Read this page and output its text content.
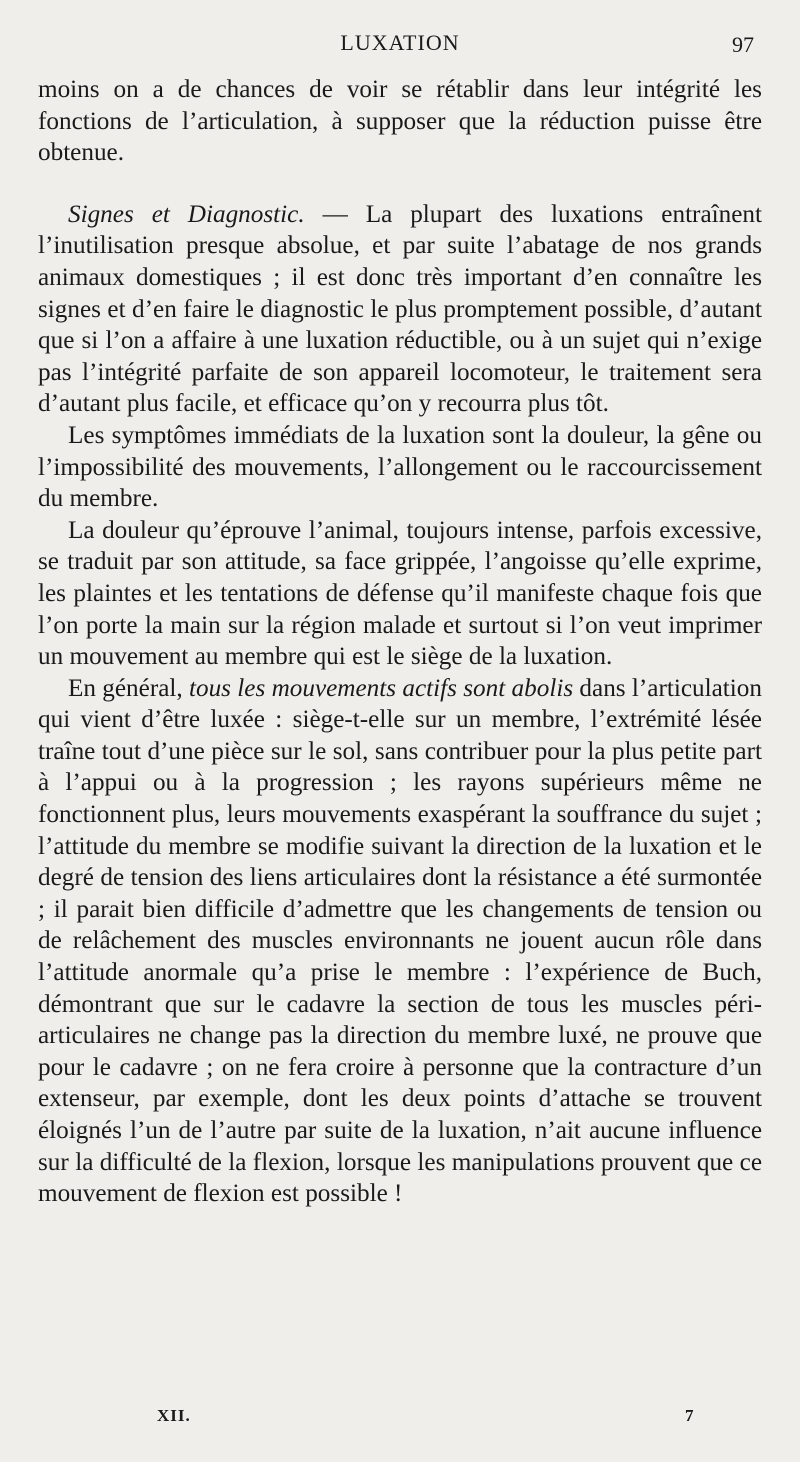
LUXATION	97

moins on a de chances de voir se rétablir dans leur intégrité les fonctions de l’articulation, à supposer que la réduction puisse être obtenue.

Signes et Diagnostic. — La plupart des luxations entraînent l’inutilisation presque absolue, et par suite l’abatage de nos grands animaux domestiques ; il est donc très important d’en connaître les signes et d’en faire le diagnostic le plus promptement possible, d’autant que si l’on a affaire à une luxation réductible, ou à un sujet qui n’exige pas l’intégrité parfaite de son appareil locomoteur, le traitement sera d’autant plus facile, et efficace qu’on y recourra plus tôt.

Les symptômes immédiats de la luxation sont la douleur, la gêne ou l’impossibilité des mouvements, l’allongement ou le raccourcissement du membre.

La douleur qu’éprouve l’animal, toujours intense, parfois excessive, se traduit par son attitude, sa face grippée, l’angoisse qu’elle exprime, les plaintes et les tentations de défense qu’il manifeste chaque fois que l’on porte la main sur la région malade et surtout si l’on veut imprimer un mouvement au membre qui est le siège de la luxation.

En général, tous les mouvements actifs sont abolis dans l’articulation qui vient d’être luxée : siège-t-elle sur un membre, l’extrémité lésée traîne tout d’une pièce sur le sol, sans contribuer pour la plus petite part à l’appui ou à la progression ; les rayons supérieurs même ne fonctionnent plus, leurs mouvements exaspérant la souffrance du sujet ; l’attitude du membre se modifie suivant la direction de la luxation et le degré de tension des liens articulaires dont la résistance a été surmontée ; il parait bien difficile d’admettre que les changements de tension ou de relâchement des muscles environnants ne jouent aucun rôle dans l’attitude anormale qu’a prise le membre : l’expérience de Buch, démontrant que sur le cadavre la section de tous les muscles péri-articulaires ne change pas la direction du membre luxé, ne prouve que pour le cadavre ; on ne fera croire à personne que la contracture d’un extenseur, par exemple, dont les deux points d’attache se trouvent éloignés l’un de l’autre par suite de la luxation, n’ait aucune influence sur la difficulté de la flexion, lorsque les manipulations prouvent que ce mouvement de flexion est possible !

XII.	7
